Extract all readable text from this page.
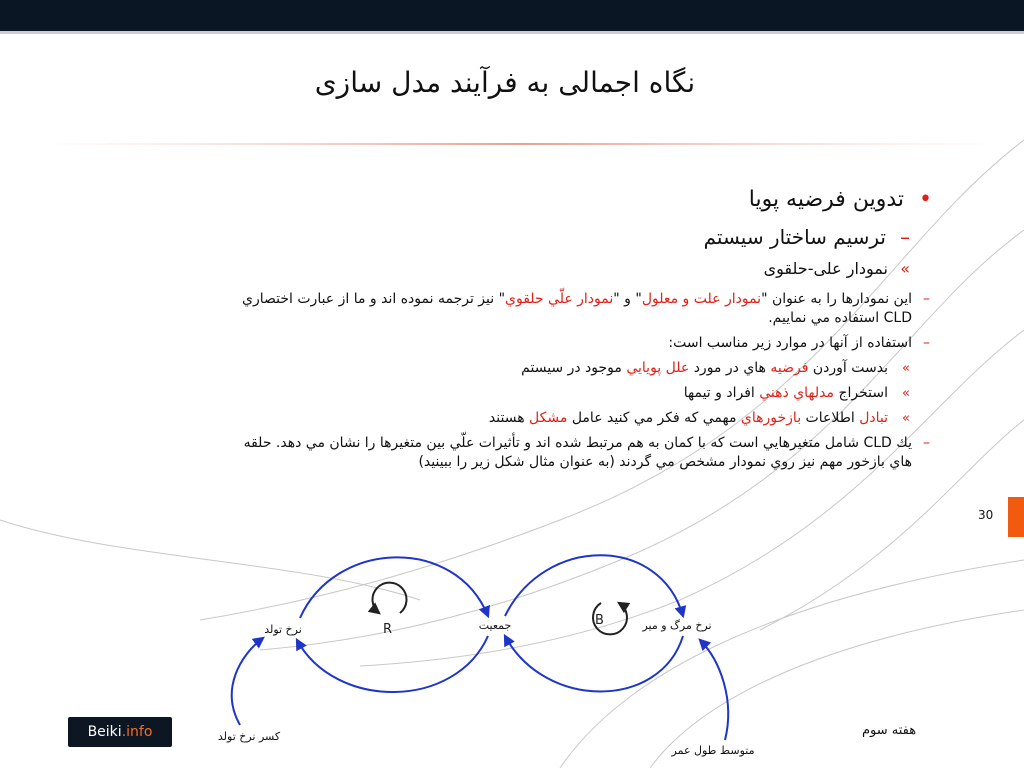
نگاه اجمالی به فرآیند مدل سازی
•
تدوین فرضیه پویا
–
ترسیم ساختار سیستم
»
نمودار علی-حلقوی
–
اين نمودارها را به عنوان "نمودار علت و معلول" و "نمودار علّي حلقوي" نيز ترجمه نموده اند و ما از عبارت اختصاري CLD استفاده مي نماييم.
–
استفاده از آنها در موارد زير مناسب است:
»
بدست آوردن فرضيه هاي در مورد علل پويايي موجود در سيستم
»
استخراج مدلهاي ذهني افراد و تيمها
»
تبادل اطلاعات بازخورهاي مهمي كه فكر مي كنيد عامل مشكل هستند
–
يك CLD شامل متغيرهايي است كه با كمان به هم مرتبط شده اند و تأثيرات علّي بين متغيرها را نشان مي دهد. حلقه هاي بازخور مهم نيز روي نمودار مشخص مي گردند (به عنوان مثال شكل زير را ببينيد)
30
R
B
نرخ تولد	جمعیت	نرخ مرگ و میر
کسر نرخ تولد
متوسط طول عمر
Beiki.info	هفته سوم
